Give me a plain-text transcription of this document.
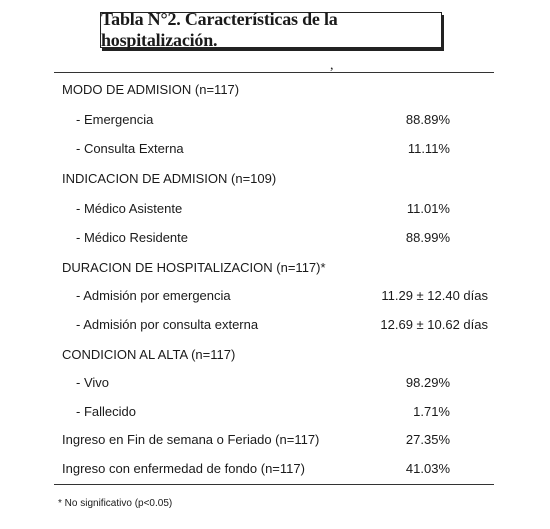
Tabla N°2. Características de la hospitalización.
,
MODO DE ADMISION (n=117)
- Emergencia	88.89%
- Consulta Externa	11.11%
INDICACION DE ADMISION (n=109)
- Médico Asistente	11.01%
- Médico Residente	88.99%
DURACION DE HOSPITALIZACION (n=117)*
- Admisión por emergencia	11.29 ± 12.40 días
- Admisión por consulta externa	12.69 ± 10.62 días
CONDICION AL ALTA (n=117)
- Vivo	98.29%
- Fallecido	1.71%
Ingreso en Fin de semana o Feriado (n=117)	27.35%
Ingreso con enfermedad de fondo (n=117)	41.03%
* No significativo (p<0.05)
